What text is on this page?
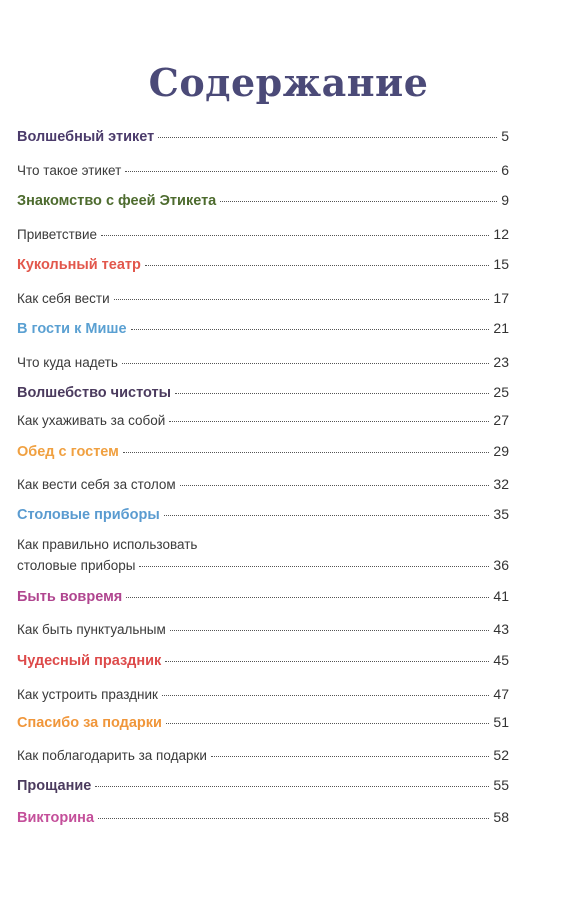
Содержание
Волшебный этикет	5
Что такое этикет	6
Знакомство с феей Этикета	9
Приветствие	12
Кукольный театр	15
Как себя вести	17
В гости к Мише	21
Что куда надеть	23
Волшебство чистоты	25
Как ухаживать за собой	27
Обед с гостем	29
Как вести себя за столом	32
Столовые приборы	35
Как правильно использовать
столовые приборы	36
Быть вовремя	41
Как быть пунктуальным	43
Чудесный праздник	45
Как устроить праздник	47
Спасибо за подарки	51
Как поблагодарить за подарки	52
Прощание	55
Викторина	58
